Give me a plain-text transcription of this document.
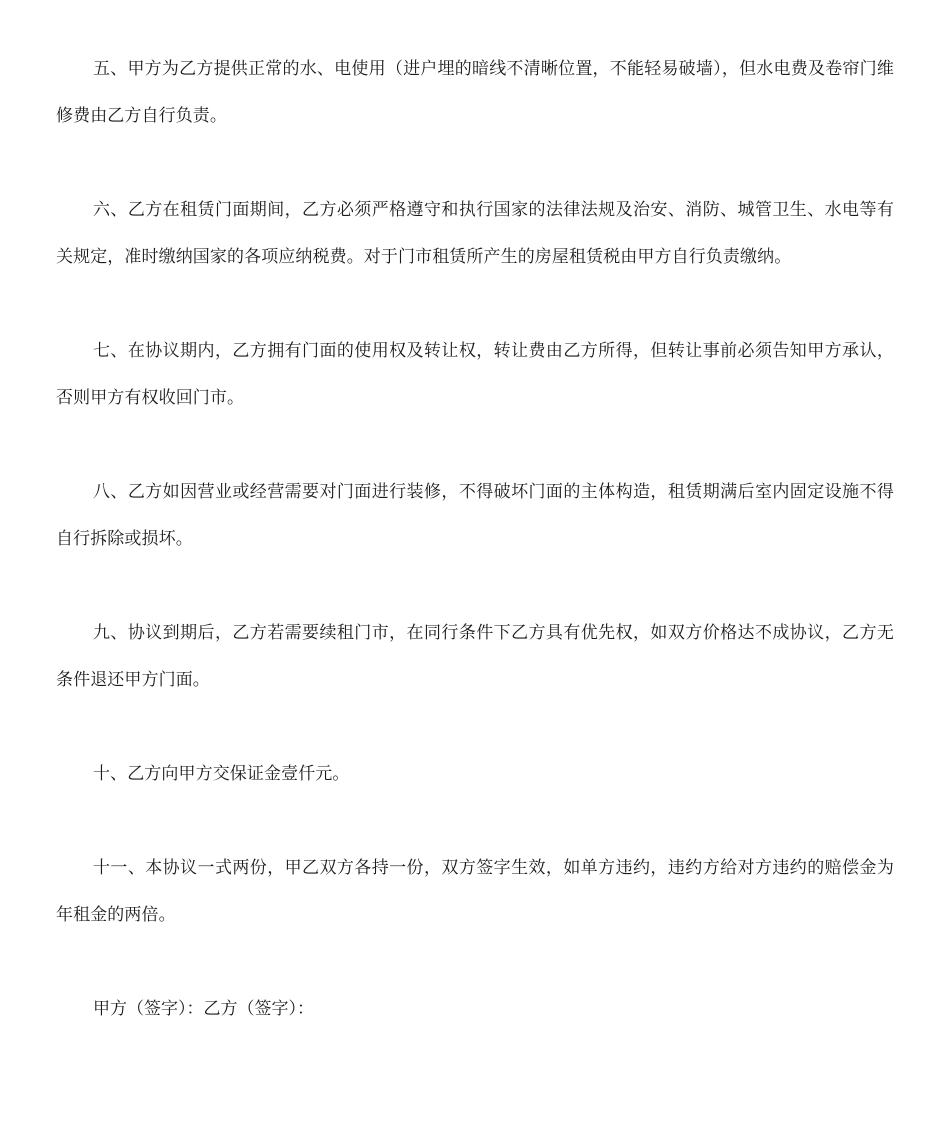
五、甲方为乙方提供正常的水、电使用（进户埋的暗线不清晰位置，不能轻易破墙），但水电费及卷帘门维修费由乙方自行负责。

六、乙方在租赁门面期间，乙方必须严格遵守和执行国家的法律法规及治安、消防、城管卫生、水电等有关规定，准时缴纳国家的各项应纳税费。对于门市租赁所产生的房屋租赁税由甲方自行负责缴纳。

七、在协议期内，乙方拥有门面的使用权及转让权，转让费由乙方所得，但转让事前必须告知甲方承认，否则甲方有权收回门市。

八、乙方如因营业或经营需要对门面进行装修，不得破坏门面的主体构造，租赁期满后室内固定设施不得自行拆除或损坏。

九、协议到期后，乙方若需要续租门市，在同行条件下乙方具有优先权，如双方价格达不成协议，乙方无条件退还甲方门面。

十、乙方向甲方交保证金壹仟元。

十一、本协议一式两份，甲乙双方各持一份，双方签字生效，如单方违约，违约方给对方违约的赔偿金为年租金的两倍。

甲方（签字）：乙方（签字）：
